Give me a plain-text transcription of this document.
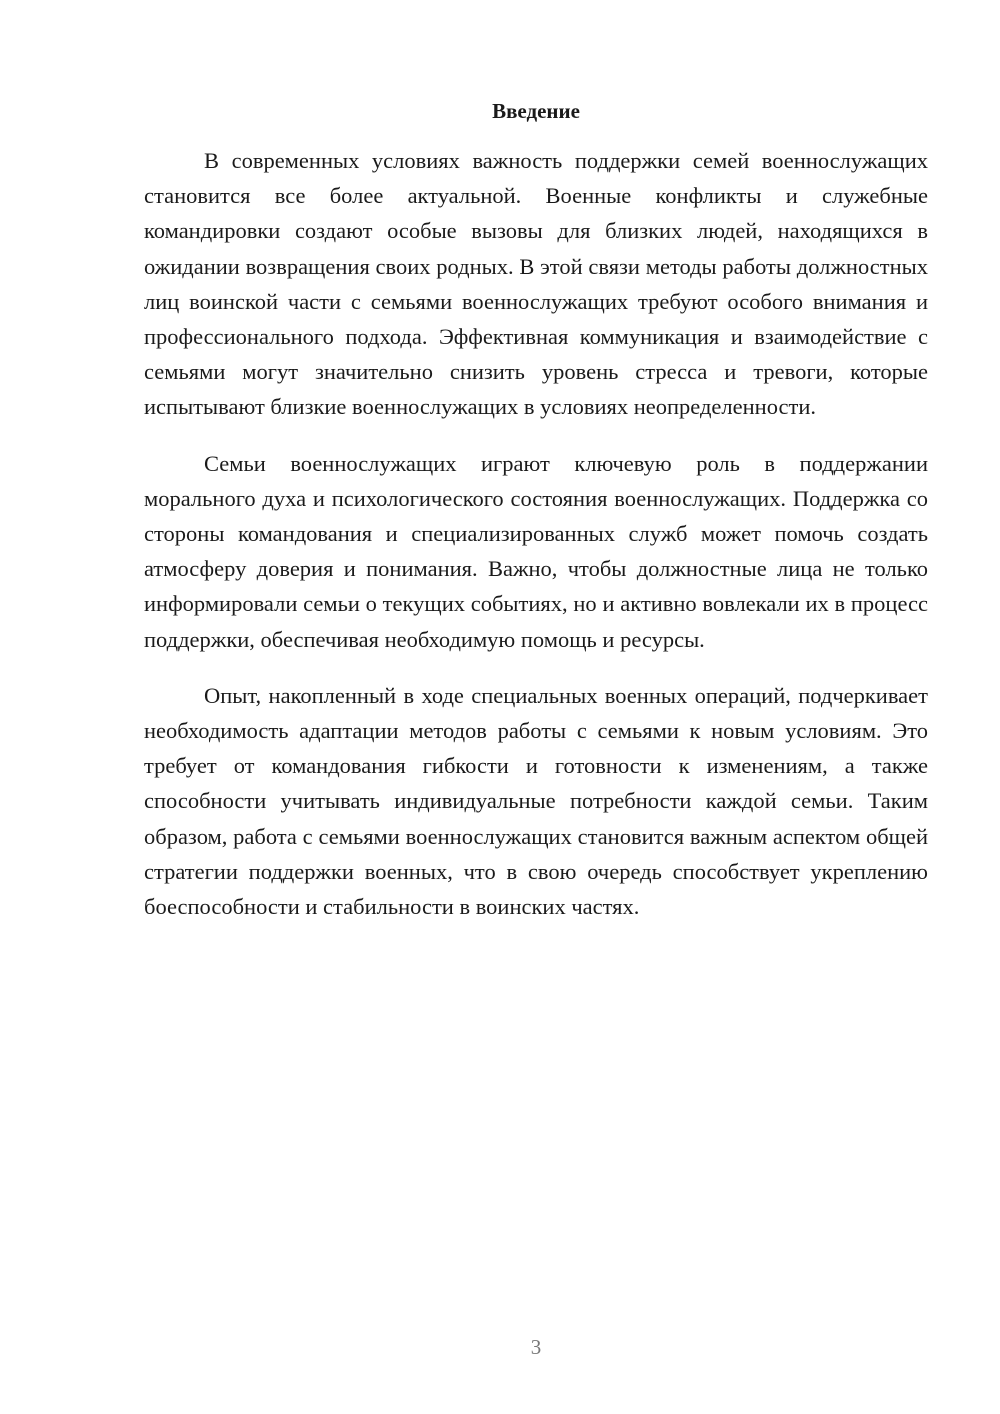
Введение

В современных условиях важность поддержки семей военнослужащих становится все более актуальной. Военные конфликты и служебные командировки создают особые вызовы для близких людей, находящихся в ожидании возвращения своих родных. В этой связи методы работы должностных лиц воинской части с семьями военнослужащих требуют особого внимания и профессионального подхода. Эффективная коммуникация и взаимодействие с семьями могут значительно снизить уровень стресса и тревоги, которые испытывают близкие военнослужащих в условиях неопределенности.

Семьи военнослужащих играют ключевую роль в поддержании морального духа и психологического состояния военнослужащих. Поддержка со стороны командования и специализированных служб может помочь создать атмосферу доверия и понимания. Важно, чтобы должностные лица не только информировали семьи о текущих событиях, но и активно вовлекали их в процесс поддержки, обеспечивая необходимую помощь и ресурсы.

Опыт, накопленный в ходе специальных военных операций, подчеркивает необходимость адаптации методов работы с семьями к новым условиям. Это требует от командования гибкости и готовности к изменениям, а также способности учитывать индивидуальные потребности каждой семьи. Таким образом, работа с семьями военнослужащих становится важным аспектом общей стратегии поддержки военных, что в свою очередь способствует укреплению боеспособности и стабильности в воинских частях.

3
